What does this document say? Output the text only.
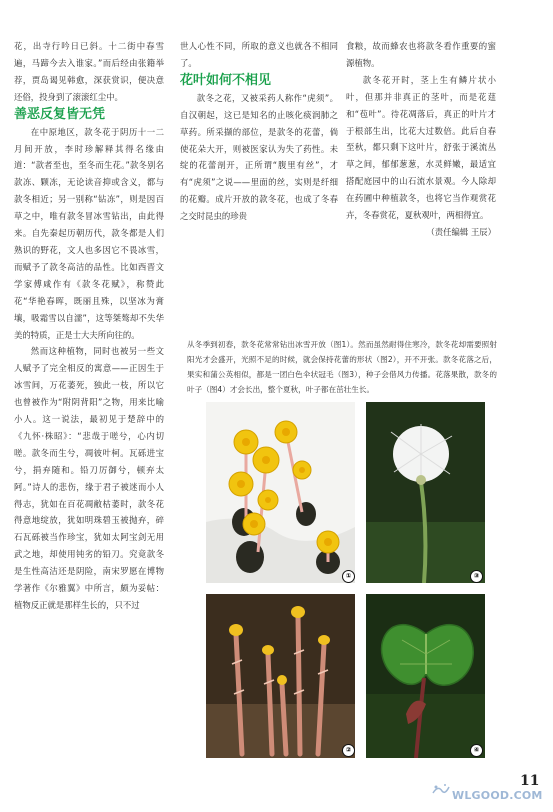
花，出寺行吟日已斜。十二街中春雪遍，马蹄今去入谁家。”而后经由张籍举荐，贾岛谒见韩愈，深获赏识，便决意还俗，投身到了滚滚红尘中。

善恶反复皆无凭

在中原地区，款冬花于阴历十一二月间开放，李时珍解释其得名缘由道：“款者至也，至冬而生花。”款冬别名款冻、颗冻，无论读音抑或含义，都与款冬相近；另一别称“钻冻”，则是因百草之中，唯有款冬冒冰雪钻出，由此得来。自先秦起历朝历代，款冬都是人们熟识的野花，文人也多因它不畏冰雪，而赋予了款冬高洁的品性。比如西晋文学家傅咸作有《款冬花赋》，称赞此花“华艳春晖，既丽且殊，以坚冰为膏壤，吸霜雪以自濡”，这等桀骜却不失华美的特质，正是士大夫所向往的。

然而这种植物，同时也被另一些文人赋予了完全相反的寓意——正因生于冰雪间，万花萎死，独此一枝，所以它也曾被作为“附阴背阳”之物，用来比喻小人。这一说法，最初见于楚辞中的《九怀·株昭》：“悲哉于嗟兮，心内切嗟。款冬而生兮，凋彼叶柯。瓦砾进宝兮，捐弃随和。铅刀厉御兮，顿弃太阿。”诗人的悲伤，缘于君子被迷而小人得志，犹如在百花凋敝枯萎时，款冬花得意地绽放，犹如明珠碧玉被抛弃，碎石瓦砾被当作珍宝，犹如太阿宝剑无用武之地，却使用钝劣的铅刀。究竟款冬是生性高洁还是阴险，南宋罗愿在博物学著作《尔雅翼》中所言，颇为妥帖：植物反正就是那样生长的，只不过

世人心性不同，所取的意义也就各不相同了。

花叶如何不相见

款冬之花，又被采药人称作“虎须”。自汉朝起，这已是知名的止咳化痰润肺之草药。所采撷的部位，是款冬的花蕾，倘使花朵大开，则被医家认为失了药性。未绽的花蕾剖开，正所谓“腹里有丝”，才有“虎须”之说——里面的丝，实则是纤细的花瓣。成片开放的款冬花，也成了冬春之交时昆虫的珍贵

食粮，故而蜂农也将款冬看作重要的蜜源植物。

款冬花开时，茎上生有鳞片状小叶，但那并非真正的茎叶，而是花莛和“苞叶”。待花凋落后，真正的叶片才于根部生出，比花大过数倍。此后自春至秋，都只剩下这叶片，舒张于溪流丛草之间，郁郁葱葱，水灵鲜嫩，最适宜搭配庭园中的山石流水景观。今人除却在药圃中种植款冬，也将它当作观赏花卉，冬春赏花，夏秋观叶，两相得宜。

（责任编辑 王辰）

从冬季到初春，款冬花常常钻出冰雪开放（图1）。然而虽然耐得住寒冷，款冬花却需要照射阳光才会盛开，光照不足的时候，就会保持花蕾的形状（图2），开不开张。款冬花落之后，果实和蒲公英相似，都是一团白色伞状冠毛（图3），种子会借风力传播。花落果散，款冬的叶子（图4）才会长出，整个夏秋，叶子都在茁壮生长。
①	③
②	④
11
WLGOOD.COM
